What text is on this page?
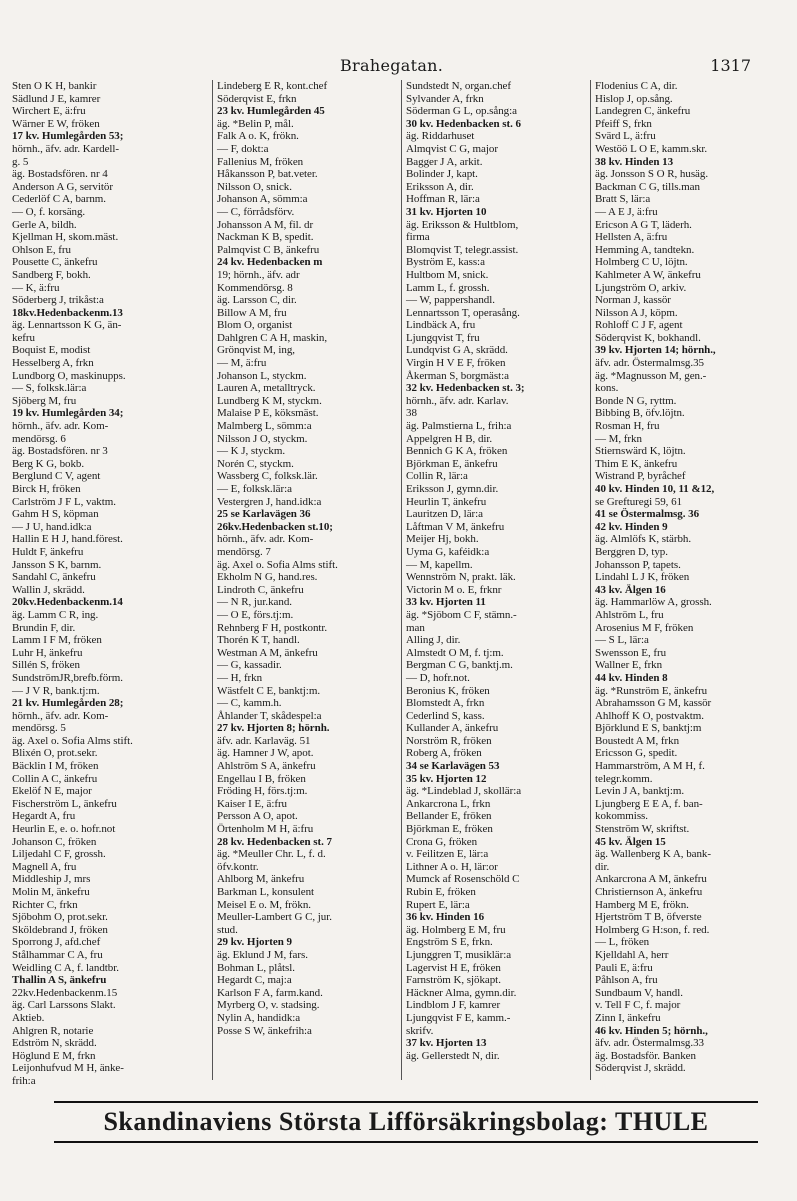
Brahegatan.	1317
Sten O K H, bankir
Sädlund J E, kamrer
Wirchert E, ä:fru
Wärner E W, fröken
17 kv. Humlegården 53;
hörnh., äfv. adr. Kardell-
g. 5
äg. Bostadsfören. nr 4
Anderson A G, servitör
Cederlöf C A, barnm.
— O, f. korsäng.
Gerle A, bildh.
Kjellman H, skom.mäst.
Ohlson E, fru
Pousette C, änkefru
Sandberg F, bokh.
— K, ä:fru
Söderberg J, trikåst:a
18kv.Hedenbackenm.13
äg. Lennartsson K G, än-
kefru
Boquist E, modist
Hesselberg A, frkn
Lundborg O, maskinupps.
— S, folksk.lär:a
Sjöberg M, fru
19 kv. Humlegården 34;
hörnh., äfv. adr. Kom-
mendörsg. 6
äg. Bostadsfören. nr 3
Berg K G, bokb.
Berglund C V, agent
Birck H, fröken
Carlström J F L, vaktm.
Gahm H S, köpman
— J U, hand.idk:a
Hallin E H J, hand.förest.
Huldt F, änkefru
Jansson S K, barnm.
Sandahl C, änkefru
Wallin J, skrädd.
20kv.Hedenbackenm.14
äg. Lamm C R, ing.
Brundin F, dir.
Lamm I F M, fröken
Luhr H, änkefru
Sillén S, fröken
SundströmJR,brefb.förm.
— J V R, bank.tj:m.
21 kv. Humlegården 28;
hörnh., äfv. adr. Kom-
mendörsg. 5
äg. Axel o. Sofia Alms stift.
Blixén O, prot.sekr.
Bäcklin I M, fröken
Collin A C, änkefru
Ekelöf N E, major
Fischerström L, änkefru
Hegardt A, fru
Heurlin E, e. o. hofr.not
Johanson C, fröken
Liljedahl C F, grossh.
Magnell A, fru
Middleship J, mrs
Molin M, änkefru
Richter C, frkn
Sjöbohm O, prot.sekr.
Sköldebrand J, fröken
Sporrong J, afd.chef
Stålhammar C A, fru
Weidling C A, f. landtbr.
Thallin A S, änkefru
22kv.Hedenbackenm.15
äg. Carl Larssons Slakt.
Aktieb.
Ahlgren R, notarie
Edström N, skrädd.
Höglund E M, frkn
Leijonhufvud M H, änke-
frih:a
Lindeberg E R, kont.chef
Söderqvist E, frkn
23 kv. Humlegården 45
äg. *Belin P, mål.
Falk A o. K, frökn.
— F, dokt:a
Fallenius M, fröken
Håkansson P, bat.veter.
Nilsson O, snick.
Johanson A, sömm:a
— C, förrådsförv.
Johansson A M, fil. dr
Nackman K B, spedit.
Palmqvist C B, änkefru
24 kv. Hedenbacken m
19; hörnh., äfv. adr
Kommendörsg. 8
äg. Larsson C, dir.
Billow A M, fru
Blom O, organist
Dahlgren C A H, maskin,
Grönqvist M, ing,
— M, ä:fru
Johanson L, styckm.
Lauren A, metalltryck.
Lundberg K M, styckm.
Malaise P E, köksmäst.
Malmberg L, sömm:a
Nilsson J O, styckm.
— K J, styckm.
Norén C, styckm.
Wassberg C, folksk.lär.
— E, folksk.lär:a
Vestergren J, hand.idk:a
25 se Karlavägen 36
26kv.Hedenbacken st.10;
hörnh., äfv. adr. Kom-
mendörsg. 7
äg. Axel o. Sofia Alms stift.
Ekholm N G, hand.res.
Lindroth C, änkefru
— N R, jur.kand.
— O E, förs.tj:m.
Rehnberg F H, postkontr.
Thorén K T, handl.
Westman A M, änkefru
— G, kassadir.
— H, frkn
Wästfelt C E, banktj:m.
— C, kamm.h.
Åhlander T, skådespel:a
27 kv. Hjorten 8; hörnh.
äfv. adr. Karlaväg. 51
äg. Hamner J W, apot.
Ahlström S A, änkefru
Engellau I B, fröken
Fröding H, förs.tj:m.
Kaiser I E, ä:fru
Persson A O, apot.
Örtenholm M H, ä:fru
28 kv. Hedenbacken st. 7
äg. *Meuller Chr. L, f. d.
öfv.kontr.
Ahlborg M, änkefru
Barkman L, konsulent
Meisel E o. M, frökn.
Meuller-Lambert G C, jur.
stud.
29 kv. Hjorten 9
äg. Eklund J M, fars.
Bohman L, plåtsl.
Hegardt C, maj:a
Karlson F A, farm.kand.
Myrberg O, v. stadsing.
Nylin A, handidk:a
Posse S W, änkefrih:a
Sundstedt N, organ.chef
Sylvander A, frkn
Söderman G L, op.sång:a
30 kv. Hedenbacken st. 6
äg. Riddarhuset
Almqvist C G, major
Bagger J A, arkit.
Bolinder J, kapt.
Eriksson A, dir.
Hoffman R, lär:a
31 kv. Hjorten 10
äg. Eriksson & Hultblom,
firma
Blomqvist T, telegr.assist.
Byström E, kass:a
Hultbom M, snick.
Lamm L, f. grossh.
— W, pappershandl.
Lennartsson T, operasång.
Lindbäck A, fru
Ljungqvist T, fru
Lundqvist G A, skrädd.
Virgin H V E F, fröken
Åkerman S, borgmäst:a
32 kv. Hedenbacken st. 3;
hörnh., äfv. adr. Karlav.
38
äg. Palmstierna L, frih:a
Appelgren H B, dir.
Bennich G K A, fröken
Björkman E, änkefru
Collin R, lär:a
Eriksson J, gymn.dir.
Heurlin T, änkefru
Lauritzen D, lär:a
Låftman V M, änkefru
Meijer Hj, bokh.
Uyma G, kaféidk:a
— M, kapellm.
Wennström N, prakt. läk.
Victorin M o. E, frknr
33 kv. Hjorten 11
äg. *Sjöbom C F, stämn.-
man
Alling J, dir.
Almstedt O M, f. tj:m.
Bergman C G, banktj.m.
— D, hofr.not.
Beronius K, fröken
Blomstedt A, frkn
Cederlind S, kass.
Kullander A, änkefru
Norström R, fröken
Roberg A, fröken
34 se Karlavägen 53
35 kv. Hjorten 12
äg. *Lindeblad J, skollär:a
Ankarcrona L, frkn
Bellander E, fröken
Björkman E, fröken
Crona G, fröken
v. Feilitzen E, lär:a
Lithner A o. H, lär:or
Mumck af Rosenschöld C
Rubin E, fröken
Rupert E, lär:a
36 kv. Hinden 16
äg. Holmberg E M, fru
Engström S E, frkn.
Ljunggren T, musiklär:a
Lagervist H E, fröken
Farnström K, sjökapt.
Häckner Alma, gymn.dir.
Lindblom J F, kamrer
Ljungqvist F E, kamm.-
skrifv.
37 kv. Hjorten 13
äg. Gellerstedt N, dir.
Flodenius C A, dir.
Hislop J, op.sång.
Landegren C, änkefru
Pfeiff S, frkn
Svärd L, ä:fru
Westöö L O E, kamm.skr.
38 kv. Hinden 13
äg. Jonsson S O R, husäg.
Backman C G, tills.man
Bratt S, lär:a
— A E J, ä:fru
Ericson A G T, läderh.
Hellsten A, ä:fru
Hemming A, tandtekn.
Holmberg C U, löjtn.
Kahlmeter A W, änkefru
Ljungström O, arkiv.
Norman J, kassör
Nilsson A J, köpm.
Rohloff C J F, agent
Söderqvist K, bokhandl.
39 kv. Hjorten 14; hörnh.,
äfv. adr. Östermalmsg.35
äg. *Magnusson M, gen.-
kons.
Bonde N G, ryttm.
Bibbing B, öfv.löjtn.
Rosman H, fru
— M, frkn
Stiernswärd K, löjtn.
Thim E K, änkefru
Wistrand P, byråchef
40 kv. Hinden 10, 11 &12,
se Grefturegi 59, 61
41 se Östermalmsg. 36
42 kv. Hinden 9
äg. Almlöfs K, stärbh.
Berggren D, typ.
Johansson P, tapets.
Lindahl L J K, fröken
43 kv. Älgen 16
äg. Hammarlöw A, grossh.
Ahlström L, fru
Arosenius M F, fröken
— S L, lär:a
Swensson E, fru
Wallner E, frkn
44 kv. Hinden 8
äg. *Runström E, änkefru
Abrahamsson G M, kassör
Ahlhoff K O, postvaktm.
Björklund E S, banktj:m
Boustedt A M, frkn
Ericsson G, spedit.
Hammarström, A M H, f.
telegr.komm.
Levin J A, banktj:m.
Ljungberg E E A, f. ban-
kokommiss.
Stenström W, skriftst.
45 kv. Älgen 15
äg. Wallenberg K A, bank-
dir.
Ankarcrona A M, änkefru
Christiernson A, änkefru
Hamberg M E, frökn.
Hjertström T B, öfverste
Holmberg G H:son, f. red.
— L, fröken
Kjelldahl A, herr
Pauli E, ä:fru
Påhlson A, fru
Sundbaum V, handl.
v. Tell F C, f. major
Zinn I, änkefru
46 kv. Hinden 5; hörnh.,
äfv. adr. Östermalmsg.33
äg. Bostadsför. Banken
Söderqvist J, skrädd.
Skandinaviens Största Lifförsäkringsbolag: THULE
